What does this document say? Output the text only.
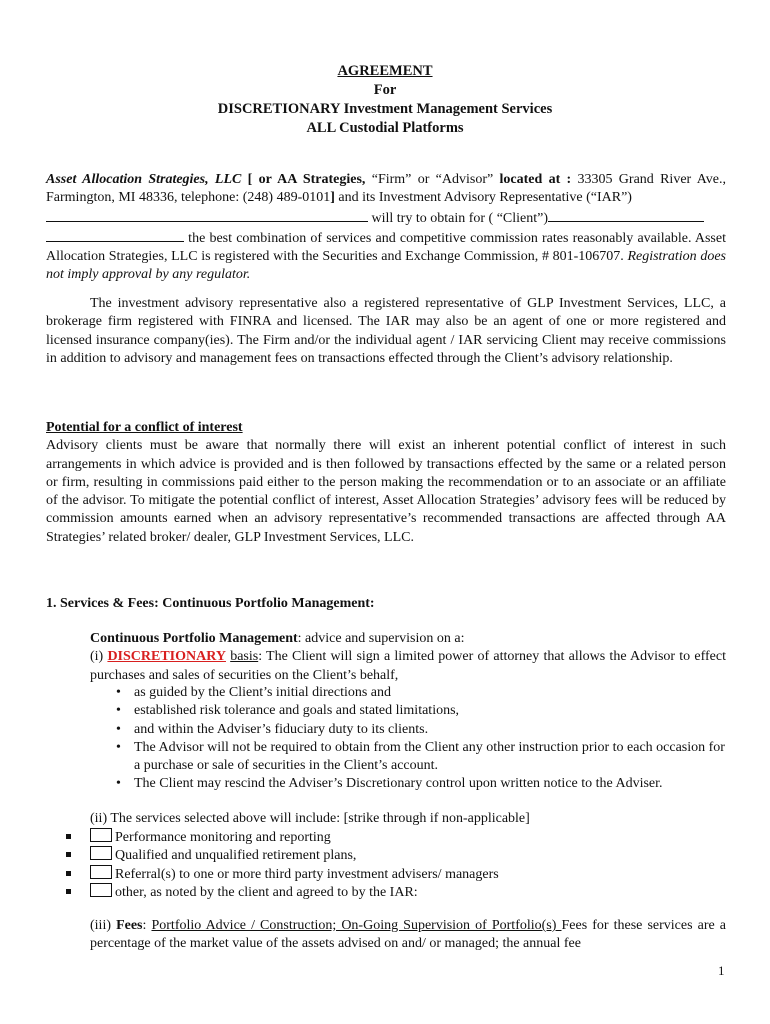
AGREEMENT
For
DISCRETIONARY Investment Management Services
ALL Custodial Platforms
Asset Allocation Strategies, LLC [ or AA Strategies, “Firm” or “Advisor” located at : 33305 Grand River Ave., Farmington, MI 48336, telephone: (248) 489-0101] and its Investment Advisory Representative (“IAR”)
will try to obtain for ( “Client”)
the best combination of services and competitive commission rates reasonably available. Asset Allocation Strategies, LLC is registered with the Securities and Exchange Commission, # 801-106707. Registration does not imply approval by any regulator.
The investment advisory representative also a registered representative of GLP Investment Services, LLC, a brokerage firm registered with FINRA and licensed. The IAR may also be an agent of one or more registered and licensed insurance company(ies). The Firm and/or the individual agent / IAR servicing Client may receive commissions in addition to advisory and management fees on transactions effected through the Client’s advisory relationship.
Potential for a conflict of interest
Advisory clients must be aware that normally there will exist an inherent potential conflict of interest in such arrangements in which advice is provided and is then followed by transactions effected by the same or a related person or firm, resulting in commissions paid either to the person making the recommendation or to an associate or an affiliate of the advisor. To mitigate the potential conflict of interest, Asset Allocation Strategies’ advisory fees will be reduced by commission amounts earned when an advisory representative’s recommended transactions are affected through AA Strategies’ related broker/ dealer, GLP Investment Services, LLC.
1. Services & Fees: Continuous Portfolio Management:
Continuous Portfolio Management: advice and supervision on a:
(i) DISCRETIONARY basis: The Client will sign a limited power of attorney that allows the Advisor to effect purchases and sales of securities on the Client’s behalf,
• as guided by the Client’s initial directions and
• established risk tolerance and goals and stated limitations,
• and within the Adviser’s fiduciary duty to its clients.
• The Advisor will not be required to obtain from the Client any other instruction prior to each occasion for a purchase or sale of securities in the Client’s account.
• The Client may rescind the Adviser’s Discretionary control upon written notice to the Adviser.
(ii) The services selected above will include: [strike through if non-applicable]
Performance monitoring and reporting
Qualified and unqualified retirement plans,
Referral(s) to one or more third party investment advisers/ managers
other, as noted by the client and agreed to by the IAR:
(iii) Fees: Portfolio Advice / Construction; On-Going Supervision of Portfolio(s) Fees for these services are a percentage of the market value of the assets advised on and/ or managed; the annual fee
1
